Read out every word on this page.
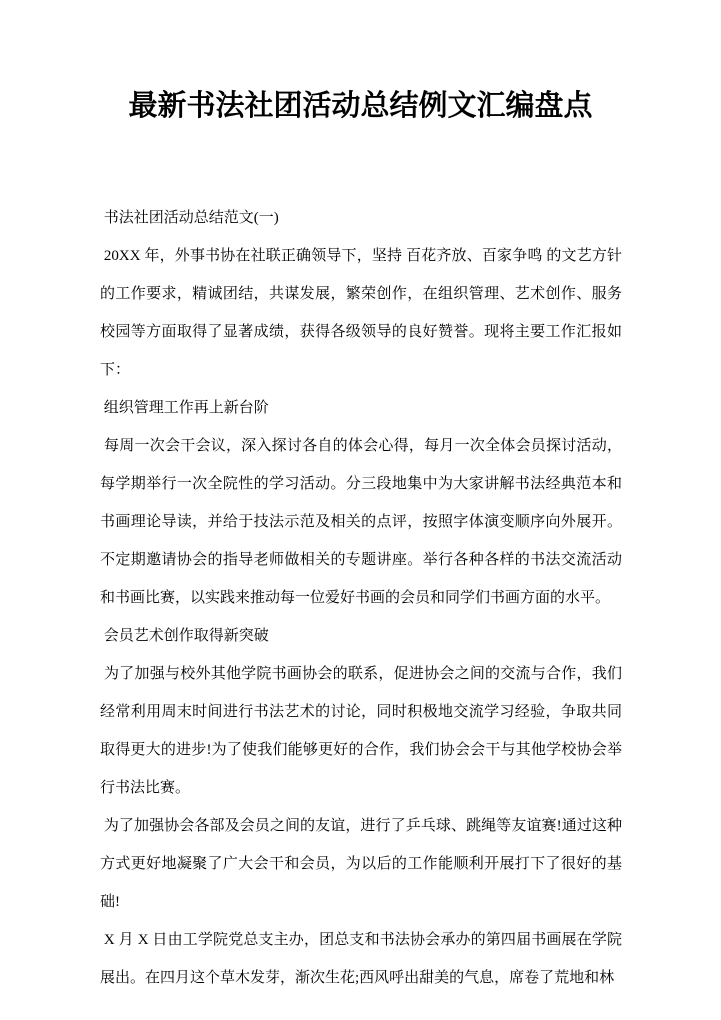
最新书法社团活动总结例文汇编盘点

书法社团活动总结范文(一)

20XX 年，外事书协在社联正确领导下，坚持 百花齐放、百家争鸣 的文艺方针的工作要求，精诚团结，共谋发展，繁荣创作，在组织管理、艺术创作、服务校园等方面取得了显著成绩，获得各级领导的良好赞誉。现将主要工作汇报如下：

组织管理工作再上新台阶

每周一次会干会议，深入探讨各自的体会心得，每月一次全体会员探讨活动，每学期举行一次全院性的学习活动。分三段地集中为大家讲解书法经典范本和书画理论导读，并给于技法示范及相关的点评，按照字体演变顺序向外展开。不定期邀请协会的指导老师做相关的专题讲座。举行各种各样的书法交流活动和书画比赛，以实践来推动每一位爱好书画的会员和同学们书画方面的水平。

会员艺术创作取得新突破

为了加强与校外其他学院书画协会的联系，促进协会之间的交流与合作，我们经常利用周末时间进行书法艺术的讨论，同时积极地交流学习经验，争取共同取得更大的进步!为了使我们能够更好的合作，我们协会会干与其他学校协会举行书法比赛。

为了加强协会各部及会员之间的友谊，进行了乒乓球、跳绳等友谊赛!通过这种方式更好地凝聚了广大会干和会员，为以后的工作能顺利开展打下了很好的基础!

X 月 X 日由工学院党总支主办，团总支和书法协会承办的第四届书画展在学院展出。在四月这个草木发芽，渐次生花;西风呼出甜美的气息，席卷了荒地和林
